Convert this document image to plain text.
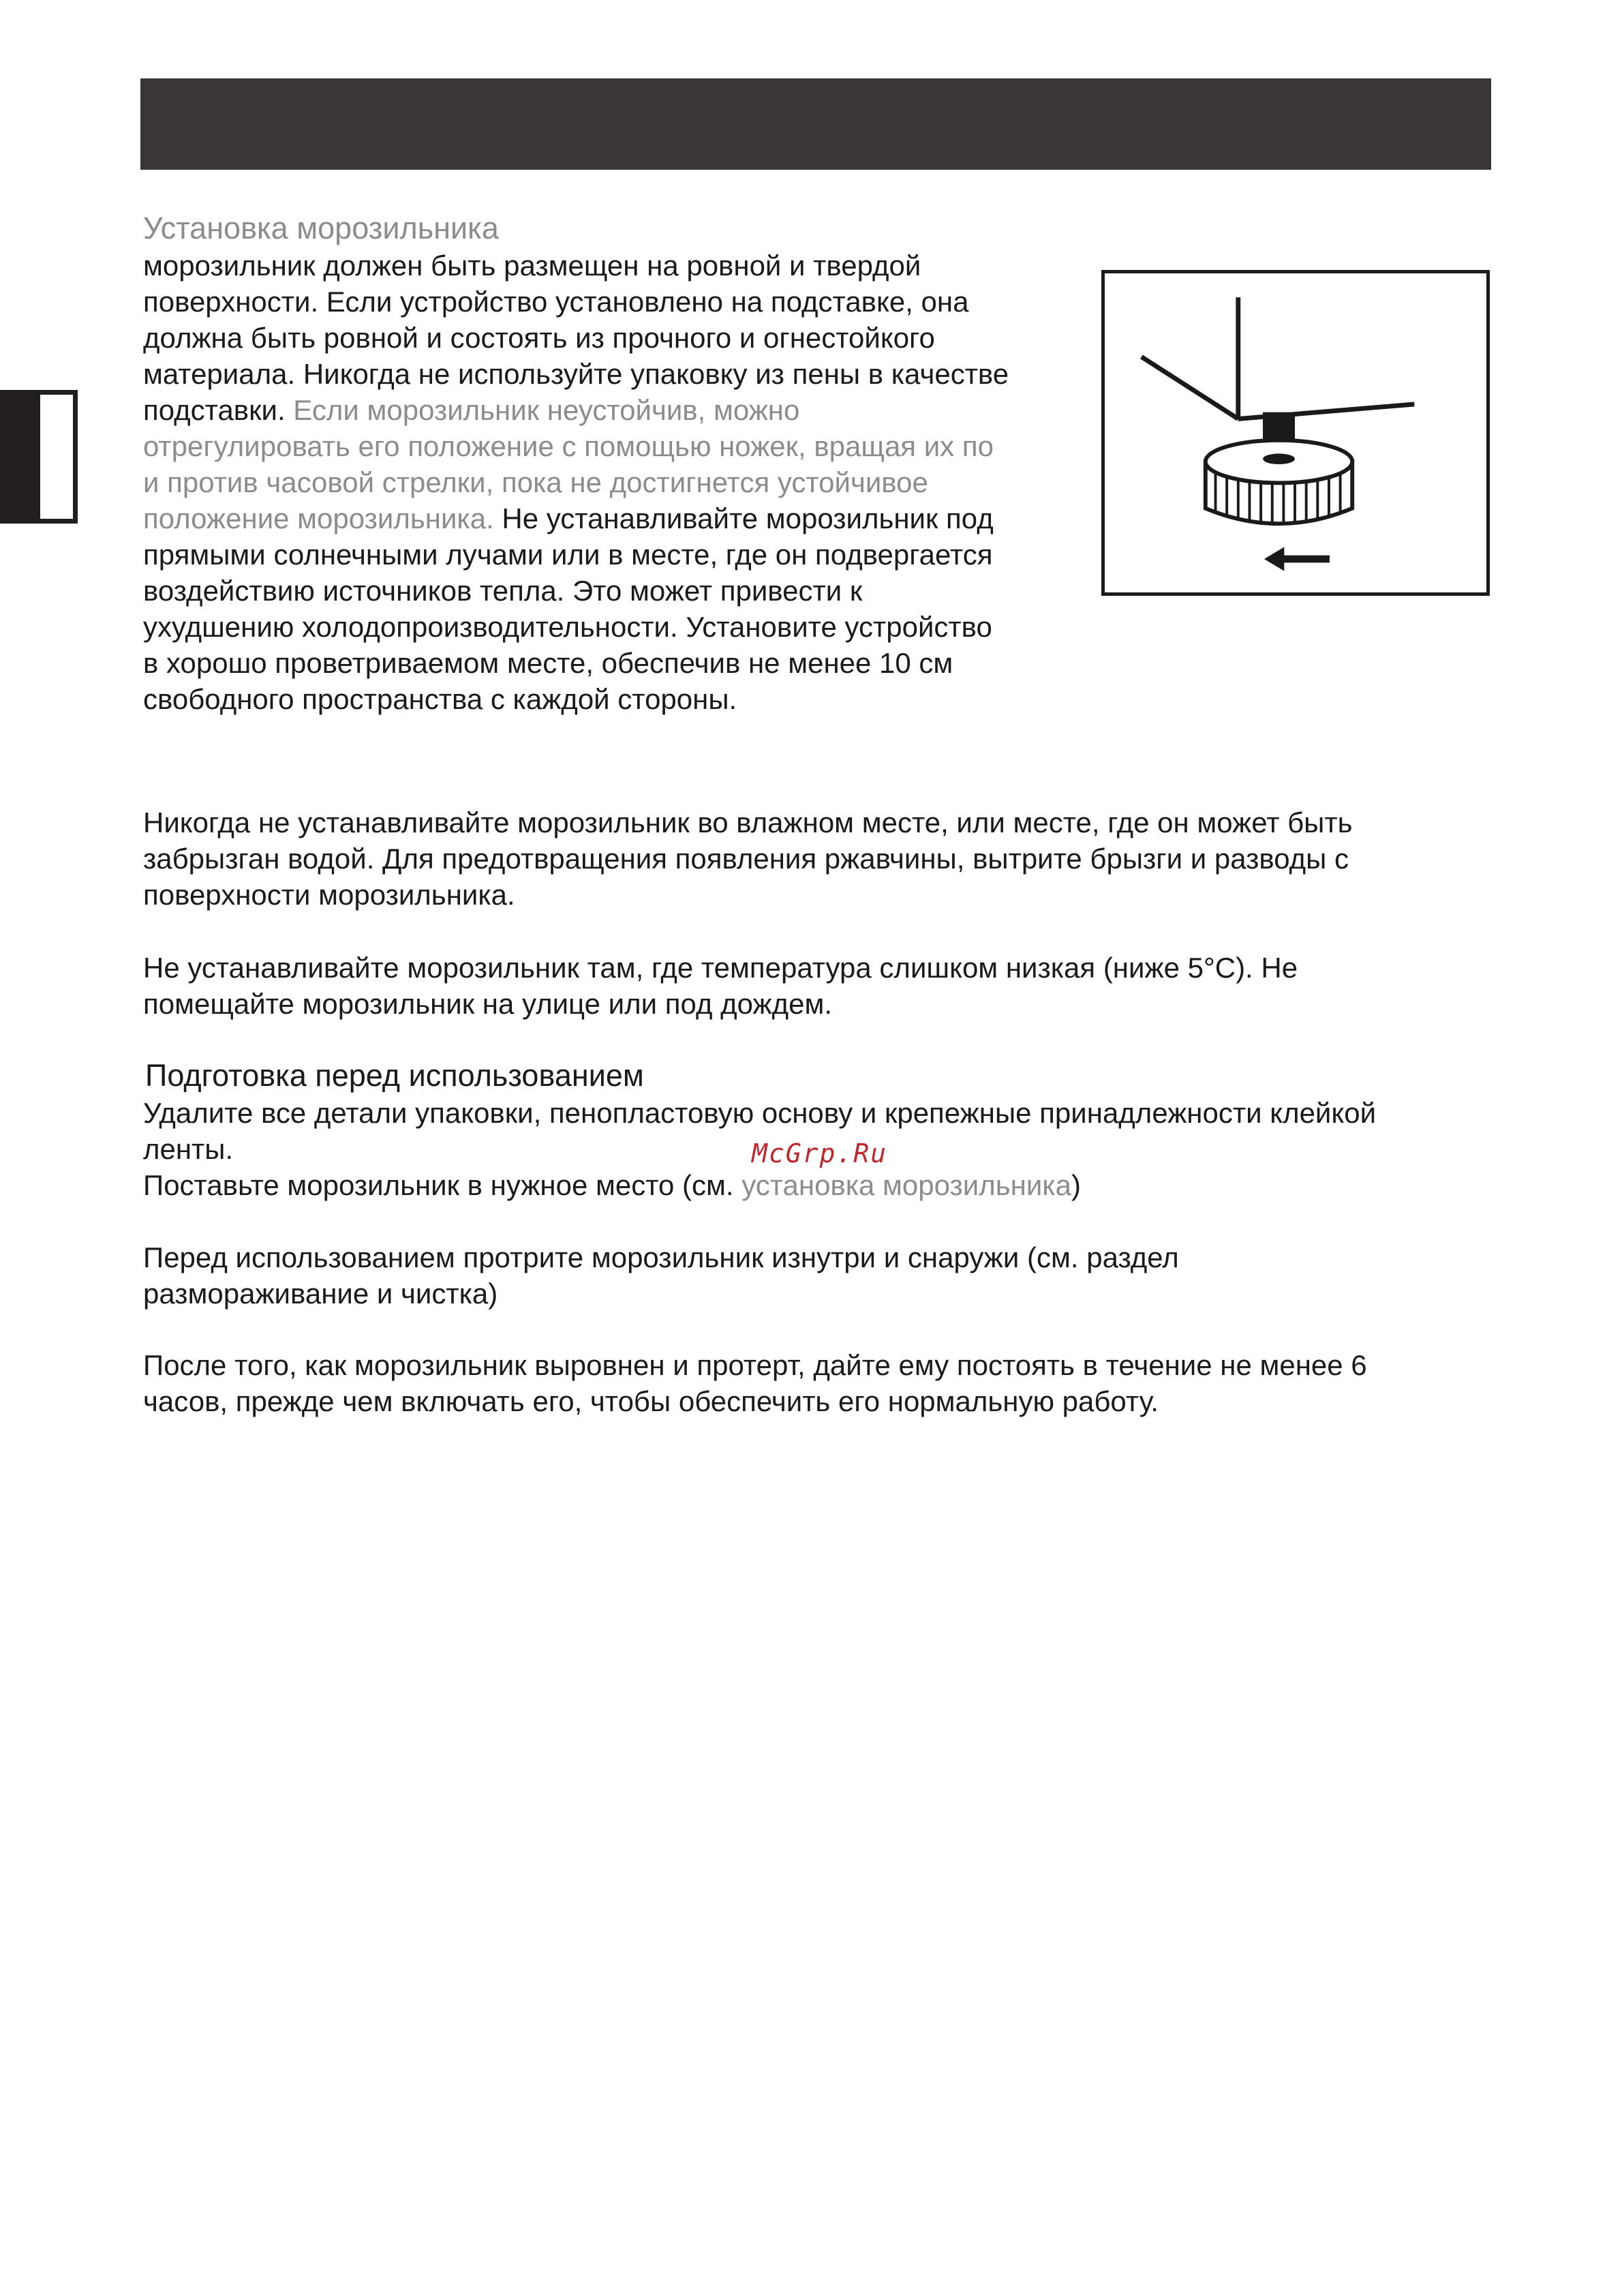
Установка морозильника

морозильник должен быть размещен на ровной и твердой
поверхности. Если устройство установлено на подставке, она
должна быть ровной и состоять из прочного и огнестойкого
материала. Никогда не используйте упаковку из пены в качестве
подставки. Если морозильник неустойчив, можно
отрегулировать его положение с помощью ножек, вращая их по
и против часовой стрелки, пока не достигнется устойчивое
положение морозильника. Не устанавливайте морозильник под
прямыми солнечными лучами или в месте, где он подвергается
воздействию источников тепла. Это может привести к
ухудшению холодопроизводительности. Установите устройство
в хорошо проветриваемом месте, обеспечив не менее 10 см
свободного пространства с каждой стороны.

Никогда не устанавливайте морозильник во влажном месте, или месте, где он может быть
забрызган водой. Для предотвращения появления ржавчины, вытрите брызги и разводы с
поверхности морозильника.

Не устанавливайте морозильник там, где температура слишком низкая (ниже 5°C). Не
помещайте морозильник на улице или под дождем.

Подготовка перед использованием

Удалите все детали упаковки, пенопластовую основу и крепежные принадлежности клейкой
ленты.
Поставьте морозильник в нужное место (см. установка морозильника)

McGrp.Ru

Перед использованием протрите морозильник изнутри и снаружи (см. раздел
размораживание и чистка)

После того, как морозильник выровнен и протерт, дайте ему постоять в течение не менее 6
часов, прежде чем включать его, чтобы обеспечить его нормальную работу.
